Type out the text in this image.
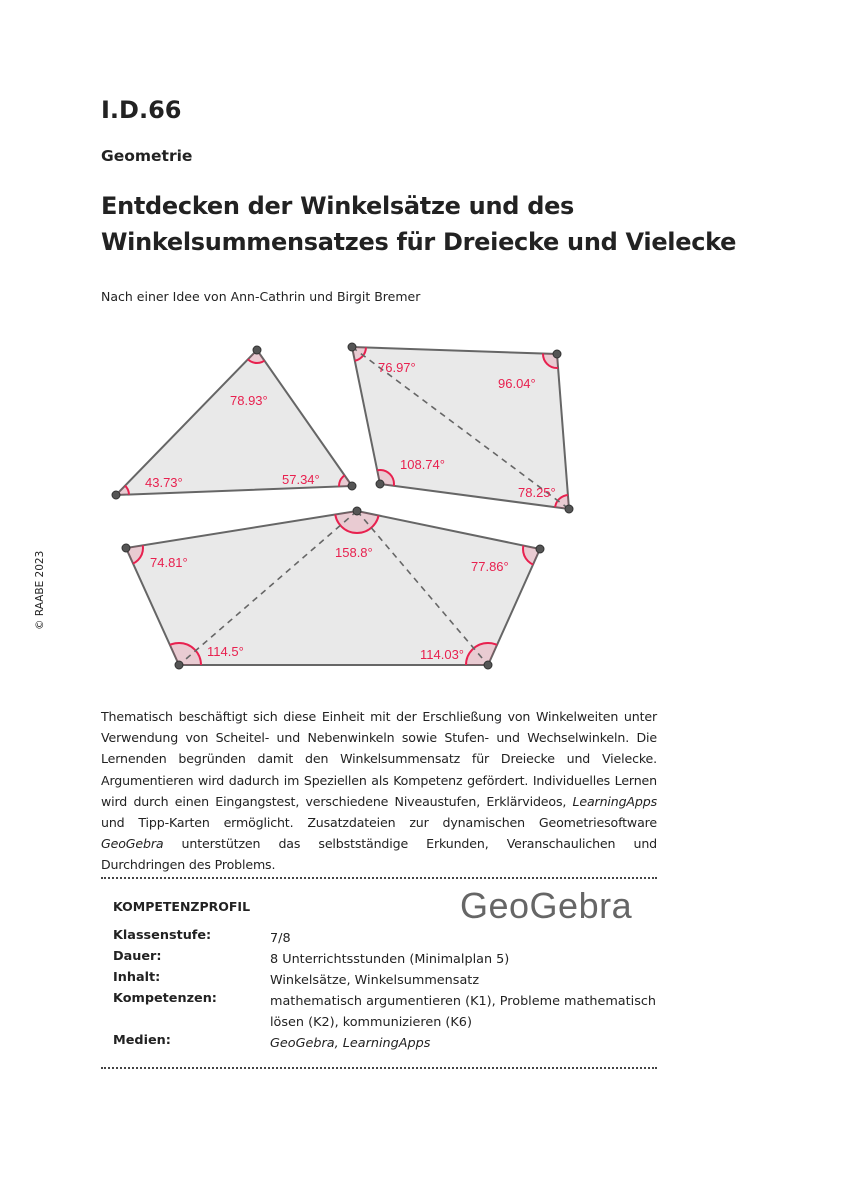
I.D.66
Geometrie
Entdecken der Winkelsätze und des
Winkelsummensatzes für Dreiecke und Vielecke
Nach einer Idee von Ann-Cathrin und Birgit Bremer
© RAABE 2023
78.93°
43.73°	57.34°
76.97°
96.04°
108.74°
78.25°
158.8°
74.81°	77.86°
114.5°	114.03°
Thematisch beschäftigt sich diese Einheit mit der Erschließung von Winkelweiten unter Verwendung von Scheitel- und Nebenwinkeln sowie Stufen- und Wechselwinkeln. Die Lernenden begründen damit den Winkelsummensatz für Dreiecke und Vielecke. Argumentieren wird dadurch im Speziellen als Kompetenz gefördert. Individuelles Lernen wird durch einen Eingangstest, verschiedene Niveaustufen, Erklärvideos, LearningApps und Tipp-Karten ermöglicht. Zusatzdateien zur dynamischen Geometriesoftware GeoGebra unterstützen das selbstständige Erkunden, Veranschaulichen und Durchdringen des Problems.
KOMPETENZPROFIL	GeoGebra
Klassenstufe:	7/8
Dauer:	8 Unterrichtsstunden (Minimalplan 5)
Inhalt:	Winkelsätze, Winkelsummensatz
Kompetenzen:	mathematisch argumentieren (K1), Probleme mathematisch lösen (K2), kommunizieren (K6)
Medien:	GeoGebra, LearningApps
